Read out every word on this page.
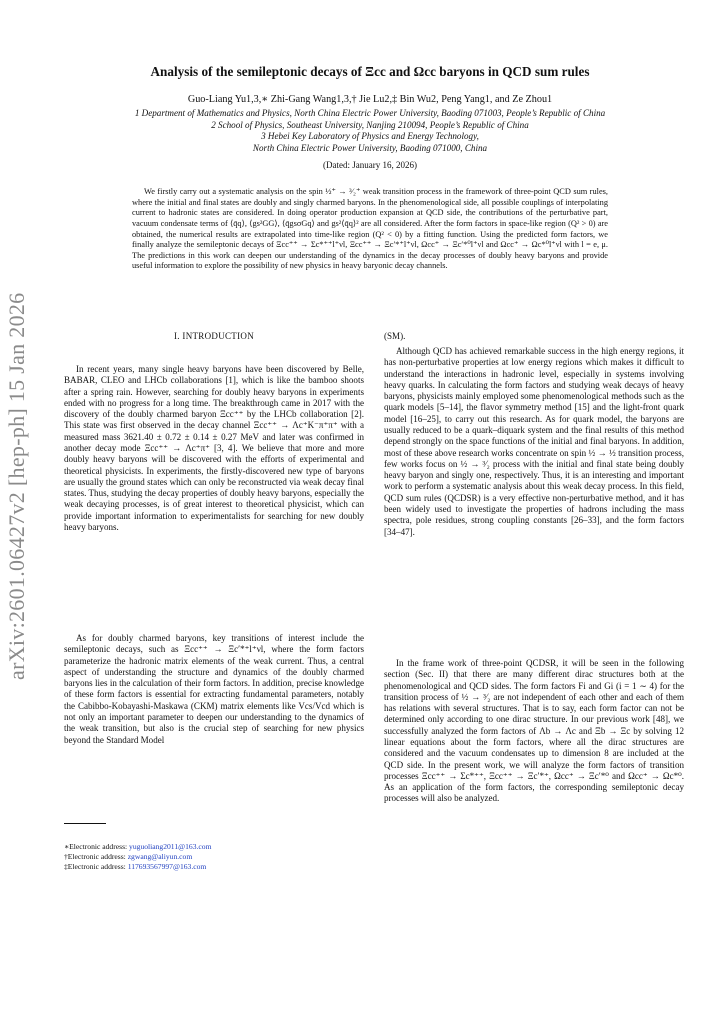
arXiv:2601.06427v2 [hep-ph] 15 Jan 2026
Analysis of the semileptonic decays of Ξcc and Ωcc baryons in QCD sum rules
Guo-Liang Yu1,3,∗ Zhi-Gang Wang1,3,† Jie Lu2,‡ Bin Wu2, Peng Yang1, and Ze Zhou1
1 Department of Mathematics and Physics, North China Electric Power University, Baoding 071003, People’s Republic of China
2 School of Physics, Southeast University, Nanjing 210094, People’s Republic of China
3 Hebei Key Laboratory of Physics and Energy Technology,
North China Electric Power University, Baoding 071000, China
(Dated: January 16, 2026)

We firstly carry out a systematic analysis on the spin ½⁺ → ³⁄₂⁺ weak transition process in the framework of three-point QCD sum rules, where the initial and final states are doubly and singly charmed baryons. In the phenomenological side, all possible couplings of interpolating current to hadronic states are considered. In doing operator production expansion at QCD side, the contributions of the perturbative part, vacuum condensate terms of ⟨q̄q⟩, ⟨gs²GG⟩, ⟨q̄gsσGq⟩ and gs²⟨q̄q⟩² are all considered. After the form factors in space-like region (Q² > 0) are obtained, the numerical results are extrapolated into time-like region (Q² < 0) by a fitting function. Using the predicted form factors, we finally analyze the semileptonic decays of Ξcc⁺⁺ → Σc*⁺⁺l⁺νl, Ξcc⁺⁺ → Ξc′*⁺l⁺νl, Ωcc⁺ → Ξc′*⁰l⁺νl and Ωcc⁺ → Ωc*⁰l⁺νl with l = e, μ. The predictions in this work can deepen our understanding of the dynamics in the decay processes of doubly heavy baryons and provide useful information to explore the possibility of new physics in heavy baryonic decay channels.

I. INTRODUCTION

In recent years, many single heavy baryons have been discovered by Belle, BABAR, CLEO and LHCb collaborations [1], which is like the bamboo shoots after a spring rain. However, searching for doubly heavy baryons in experiments ended with no progress for a long time. The breakthrough came in 2017 with the discovery of the doubly charmed baryon Ξcc⁺⁺ by the LHCb collaboration [2]. This state was first observed in the decay channel Ξcc⁺⁺ → Λc⁺K⁻π⁺π⁺ with a measured mass 3621.40 ± 0.72 ± 0.14 ± 0.27 MeV and later was confirmed in another decay mode Ξcc⁺⁺ → Λc⁺π⁺ [3, 4]. We believe that more and more doubly heavy baryons will be discovered with the efforts of experimental and theoretical physicists. In experiments, the firstly-discovered new type of baryons are usually the ground states which can only be reconstructed via weak decay final states. Thus, studying the decay properties of doubly heavy baryons, especially the weak decaying processes, is of great interest to theoretical physicist, which can provide important information to experimentalists for searching for new doubly heavy baryons.

As for doubly charmed baryons, key transitions of interest include the semileptonic decays, such as Ξcc⁺⁺ → Ξc′*⁺l⁺νl, where the form factors parameterize the hadronic matrix elements of the weak current. Thus, a central aspect of understanding the structure and dynamics of the doubly charmed baryons lies in the calculation of their form factors. In addition, precise knowledge of these form factors is essential for extracting fundamental parameters, notably the Cabibbo-Kobayashi-Maskawa (CKM) matrix elements like Vcs/Vcd which is not only an important parameter to deepen our understanding to the dynamics of the weak transition, but also is the crucial step of searching for new physics beyond the Standard Model

(SM).

Although QCD has achieved remarkable success in the high energy regions, it has non-perturbative properties at low energy regions which makes it difficult to understand the interactions in hadronic level, especially in systems involving heavy quarks. In calculating the form factors and studying weak decays of heavy baryons, physicists mainly employed some phenomenological methods such as the quark models [5–14], the flavor symmetry method [15] and the light-front quark model [16–25], to carry out this research. As for quark model, the baryons are usually reduced to be a quark–diquark system and the final results of this method depend strongly on the space functions of the initial and final baryons. In addition, most of these above research works concentrate on spin ½ → ½ transition process, few works focus on ½ → ³⁄₂ process with the initial and final state being doubly heavy baryon and singly one, respectively. Thus, it is an interesting and important work to perform a systematic analysis about this weak decay process. In this field, QCD sum rules (QCDSR) is a very effective non-perturbative method, and it has been widely used to investigate the properties of hadrons including the mass spectra, pole residues, strong coupling constants [26–33], and the form factors [34–47].

In the frame work of three-point QCDSR, it will be seen in the following section (Sec. II) that there are many different dirac structures both at the phenomenological and QCD sides. The form factors Fi and Gi (i = 1 ∼ 4) for the transition process of ½ → ³⁄₂ are not independent of each other and each of them has relations with several structures. That is to say, each form factor can not be determined only according to one dirac structure. In our previous work [48], we successfully analyzed the form factors of Λb → Λc and Ξb → Ξc by solving 12 linear equations about the form factors, where all the dirac structures are considered and the vacuum condensates up to dimension 8 are included at the QCD side. In the present work, we will analyze the form factors of transition processes Ξcc⁺⁺ → Σc*⁺⁺, Ξcc⁺⁺ → Ξc′*⁺, Ωcc⁺ → Ξc′*⁰ and Ωcc⁺ → Ωc*⁰. As an application of the form factors, the corresponding semileptonic decay processes will also be analyzed.

∗Electronic address: yuguoliang2011@163.com
†Electronic address: zgwang@aliyun.com
‡Electronic address: 117693567997@163.com
